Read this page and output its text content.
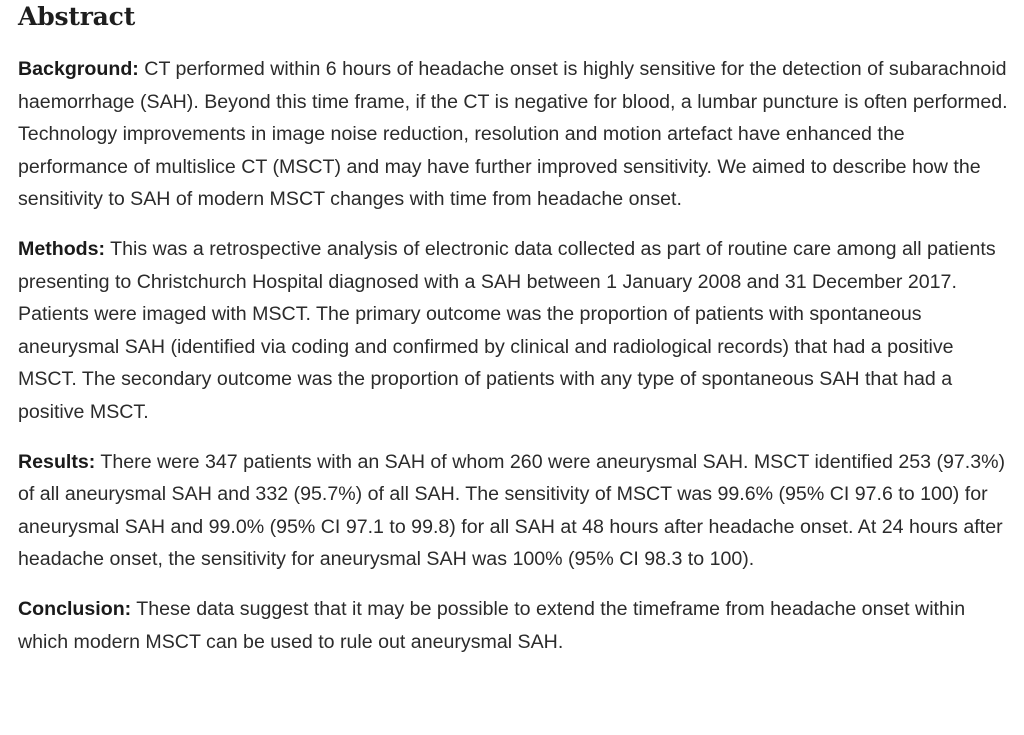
Abstract

Background: CT performed within 6 hours of headache onset is highly sensitive for the detection of subarachnoid haemorrhage (SAH). Beyond this time frame, if the CT is negative for blood, a lumbar puncture is often performed. Technology improvements in image noise reduction, resolution and motion artefact have enhanced the performance of multislice CT (MSCT) and may have further improved sensitivity. We aimed to describe how the sensitivity to SAH of modern MSCT changes with time from headache onset.

Methods: This was a retrospective analysis of electronic data collected as part of routine care among all patients presenting to Christchurch Hospital diagnosed with a SAH between 1 January 2008 and 31 December 2017. Patients were imaged with MSCT. The primary outcome was the proportion of patients with spontaneous aneurysmal SAH (identified via coding and confirmed by clinical and radiological records) that had a positive MSCT. The secondary outcome was the proportion of patients with any type of spontaneous SAH that had a positive MSCT.

Results: There were 347 patients with an SAH of whom 260 were aneurysmal SAH. MSCT identified 253 (97.3%) of all aneurysmal SAH and 332 (95.7%) of all SAH. The sensitivity of MSCT was 99.6% (95% CI 97.6 to 100) for aneurysmal SAH and 99.0% (95% CI 97.1 to 99.8) for all SAH at 48 hours after headache onset. At 24 hours after headache onset, the sensitivity for aneurysmal SAH was 100% (95% CI 98.3 to 100).

Conclusion: These data suggest that it may be possible to extend the timeframe from headache onset within which modern MSCT can be used to rule out aneurysmal SAH.
